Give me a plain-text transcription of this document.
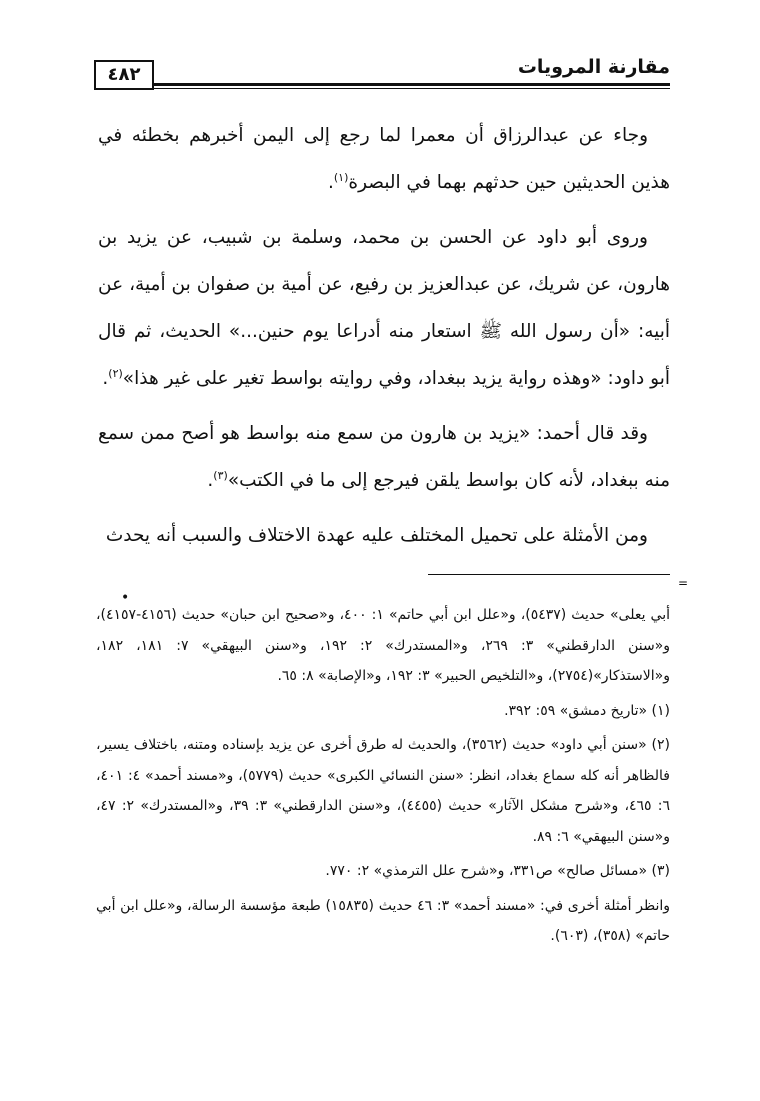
مقارنة المرويات
٤٨٢

وجاء عن عبدالرزاق أن معمرا لما رجع إلى اليمن أخبرهم بخطئه في هذين الحديثين حين حدثهم بهما في البصرة$^{(١)}$.

وروى أبو داود عن الحسن بن محمد، وسلمة بن شبيب، عن يزيد بن هارون، عن شريك، عن عبدالعزيز بن رفيع، عن أمية بن صفوان بن أمية، عن أبيه: «أن رسول الله ﷺ استعار منه أدراعا يوم حنين...» الحديث، ثم قال أبو داود: «وهذه رواية يزيد ببغداد، وفي روايته بواسط تغير على غير هذا»$^{(٢)}$.

وقد قال أحمد: «يزيد بن هارون من سمع منه بواسط هو أصح ممن سمع منه ببغداد، لأنه كان بواسط يلقن فيرجع إلى ما في الكتب»$^{(٣)}$.

ومن الأمثلة على تحميل المختلف عليه عهدة الاختلاف والسبب أنه يحدث

=
•

أبي يعلى» حديث (٥٤٣٧)، و«علل ابن أبي حاتم» ١: ٤٠٠، و«صحيح ابن حبان» حديث (٤١٥٦-٤١٥٧)، و«سنن الدارقطني» ٣: ٢٦٩، و«المستدرك» ٢: ١٩٢، و«سنن البيهقي» ٧: ١٨١، ١٨٢، و«الاستذكار»(٢٧٥٤)، و«التلخيص الحبير» ٣: ١٩٢، و«الإصابة» ٨: ٦٥.

(١) «تاريخ دمشق» ٥٩: ٣٩٢.

(٢) «سنن أبي داود» حديث (٣٥٦٢)، والحديث له طرق أخرى عن يزيد بإسناده ومتنه، باختلاف يسير، فالظاهر أنه كله سماع بغداد، انظر: «سنن النسائي الكبرى» حديث (٥٧٧٩)، و«مسند أحمد» ٤: ٤٠١، ٦: ٤٦٥، و«شرح مشكل الآثار» حديث (٤٤٥٥)، و«سنن الدارقطني» ٣: ٣٩، و«المستدرك» ٢: ٤٧، و«سنن البيهقي» ٦: ٨٩.

(٣) «مسائل صالح» ص٣٣١، و«شرح علل الترمذي» ٢: ٧٧٠.

وانظر أمثلة أخرى في: «مسند أحمد» ٣: ٤٦ حديث (١٥٨٣٥) طبعة مؤسسة الرسالة، و«علل ابن أبي حاتم» (٣٥٨)، (٦٠٣).
